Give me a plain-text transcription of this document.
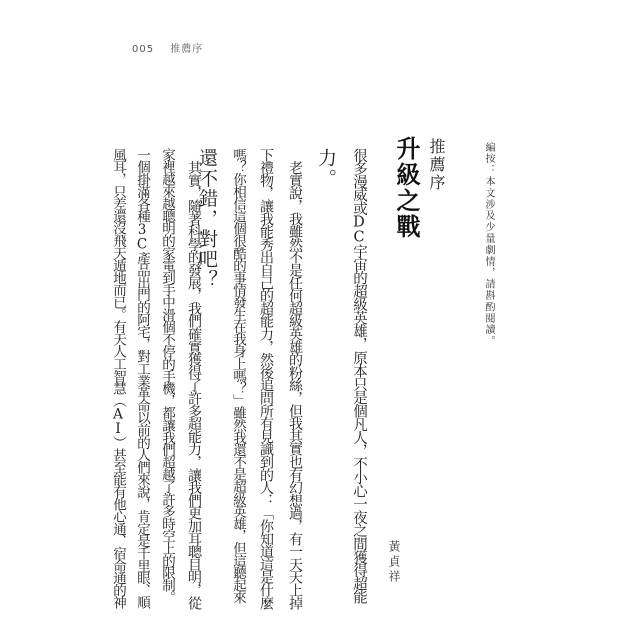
005 推薦序
編按：本文涉及少量劇情，請斟酌閱讀。
推薦序
升級之戰
黃貞祥
很多漫威或DC宇宙的超級英雄，原本只是個凡人，不小心一夜之間獲得超能
力。
　老實說，我雖然不是任何超級英雄的粉絲，但我其實也有幻想過，有一天天上掉
下禮物，讓我能秀出自己的超能力，然後追問所有見識到的人：「你知道這是什麼
嗎？你相信這個很酷的事情發生在我身上嗎？」雖然我還不是超級英雄，但這聽起來
還不錯，對吧？
　其實，隨著科學的發展，我們確實獲得了許多超能力，讓我們更加耳聰目明，從
家裡越來越聰明的家電到手中滑個不停的手機，都讓我們超越了許多時空上的限制。
一個掛滿各種3C產品出門的阿宅，對工業革命以前的人們來說，肯定是千里眼、順
風耳，只差還沒飛天遁地而已。有天人工智慧（AI）甚至能有他心通、宿命通的神
